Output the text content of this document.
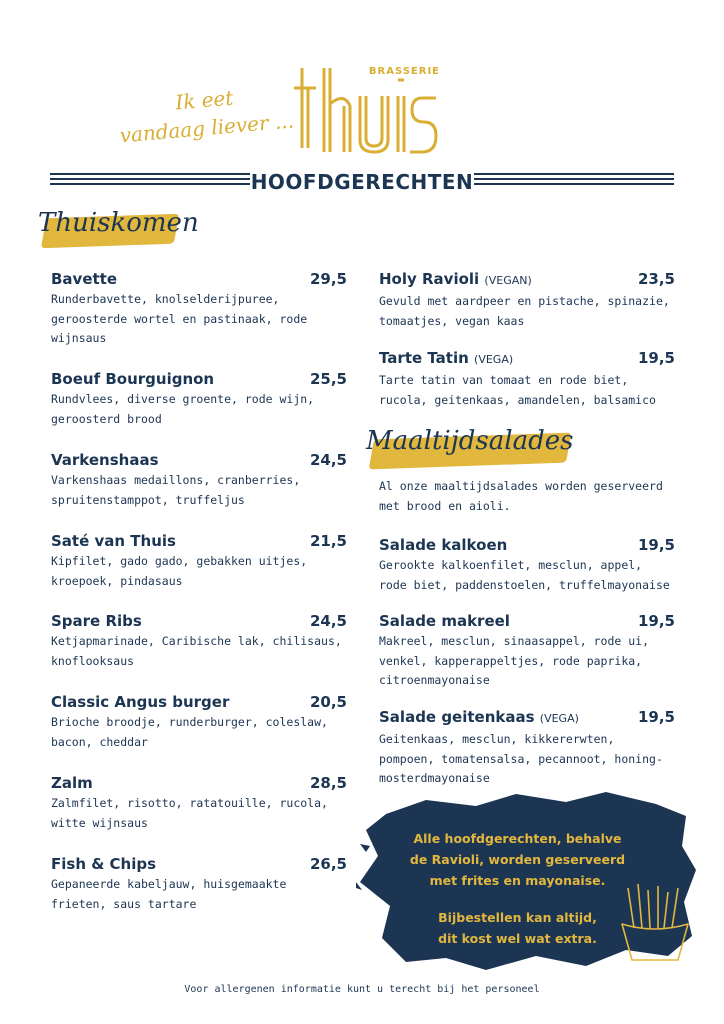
Ik eet
vandaag liever ...
BRASSERIE
HOOFDGERECHTEN
Thuiskomen
Bavette	29,5
Runderbavette, knolselderijpuree, geroosterde wortel en pastinaak, rode wijnsaus
Boeuf Bourguignon	25,5
Rundvlees, diverse groente, rode wijn, geroosterd brood
Varkenshaas	24,5
Varkenshaas medaillons, cranberries, spruitenstamppot, truffeljus
Saté van Thuis	21,5
Kipfilet, gado gado, gebakken uitjes, kroepoek, pindasaus
Spare Ribs	24,5
Ketjapmarinade, Caribische lak, chilisaus, knoflooksaus
Classic Angus burger	20,5
Brioche broodje, runderburger, coleslaw, bacon, cheddar
Zalm	28,5
Zalmfilet, risotto, ratatouille, rucola, witte wijnsaus
Fish & Chips	26,5
Gepaneerde kabeljauw, huisgemaakte frieten, saus tartare
Holy Ravioli (VEGAN)	23,5
Gevuld met aardpeer en pistache, spinazie, tomaatjes, vegan kaas
Tarte Tatin (VEGA)	19,5
Tarte tatin van tomaat en rode biet, rucola, geitenkaas, amandelen, balsamico
Maaltijdsalades
Al onze maaltijdsalades worden geserveerd met brood en aioli.
Salade kalkoen	19,5
Gerookte kalkoenfilet, mesclun, appel, rode biet, paddenstoelen, truffelmayonaise
Salade makreel	19,5
Makreel, mesclun, sinaasappel, rode ui, venkel, kapperappeltjes, rode paprika, citroenmayonaise
Salade geitenkaas (VEGA)	19,5
Geitenkaas, mesclun, kikkererwten, pompoen, tomatensalsa, pecannoot, honing-mosterdmayonaise
Alle hoofdgerechten, behalve
de Ravioli, worden geserveerd
met frites en mayonaise.
Bijbestellen kan altijd,
dit kost wel wat extra.
Voor allergenen informatie kunt u terecht bij het personeel
